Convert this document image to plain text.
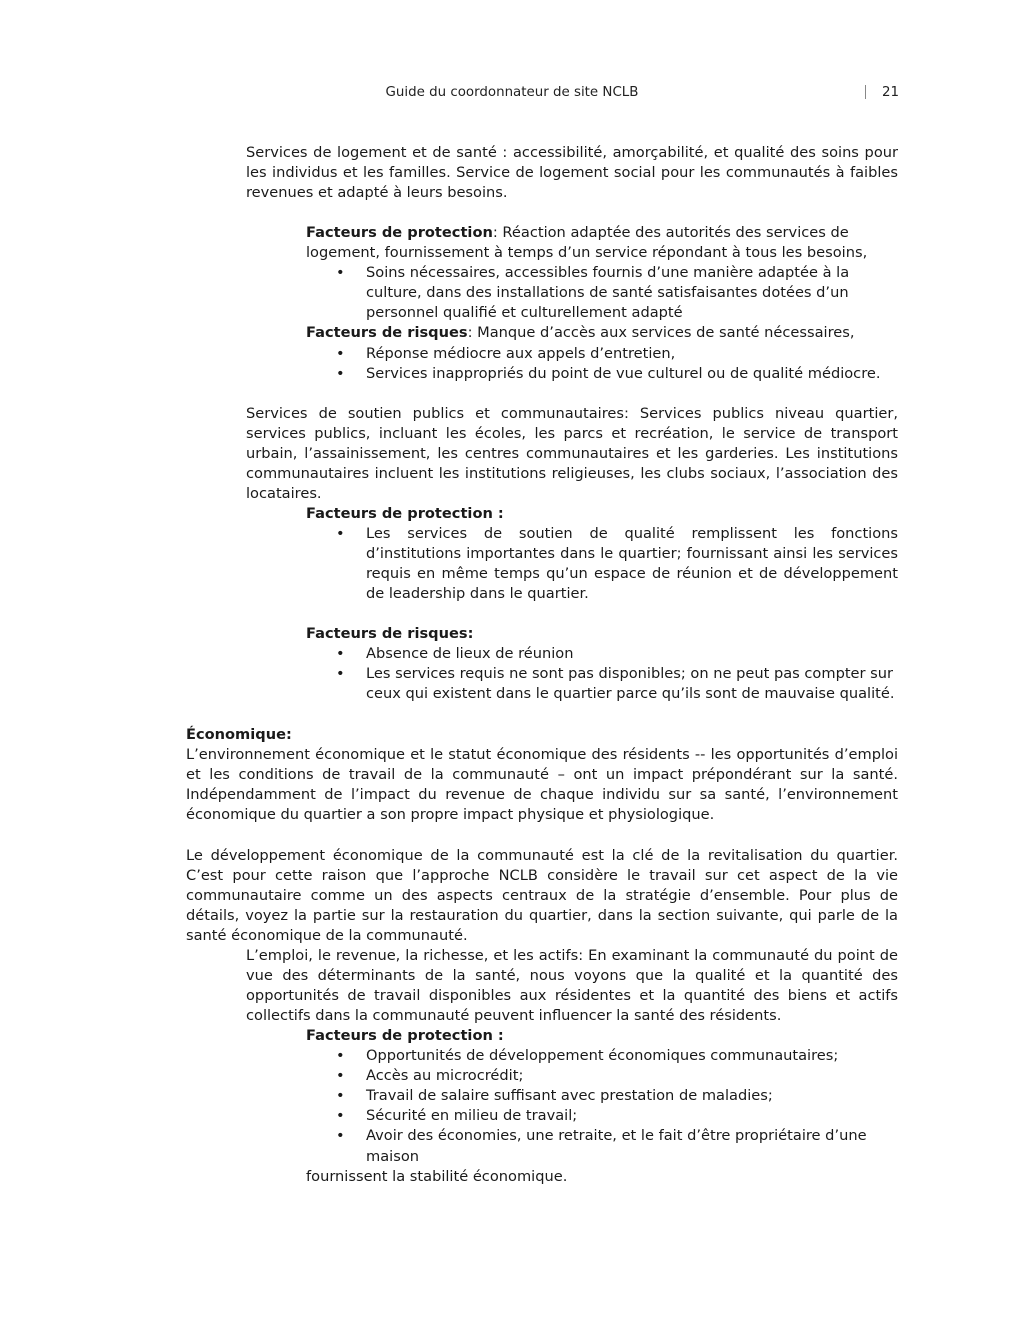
Guide du coordonnateur de site NCLB	21

Services de logement et de santé : accessibilité, amorçabilité, et qualité des soins pour les individus et les familles. Service de logement social pour les communautés à faibles revenues et adapté à leurs besoins.

Facteurs de protection: Réaction adaptée des autorités des services de logement, fournissement à temps d’un service répondant à tous les besoins,

• Soins nécessaires, accessibles fournis d’une manière adaptée à la culture, dans des installations de santé satisfaisantes dotées d’un personnel qualifié et culturellement adapté

Facteurs de risques: Manque d’accès aux services de santé nécessaires,

• Réponse médiocre aux appels d’entretien,
• Services inappropriés du point de vue culturel ou de qualité médiocre.

Services de soutien publics et communautaires: Services publics niveau quartier, services publics, incluant les écoles, les parcs et recréation, le service de transport urbain, l’assainissement, les centres communautaires et les garderies. Les institutions communautaires incluent les institutions religieuses, les clubs sociaux, l’association des locataires.

Facteurs de protection :

• Les services de soutien de qualité remplissent les fonctions d’institutions importantes dans le quartier; fournissant ainsi les services requis en même temps qu’un espace de réunion et de développement de leadership dans le quartier.

Facteurs de risques:

• Absence de lieux de réunion
• Les services requis ne sont pas disponibles; on ne peut pas compter sur ceux qui existent dans le quartier parce qu’ils sont de mauvaise qualité.

Économique:

L’environnement économique et le statut économique des résidents -- les opportunités d’emploi et les conditions de travail de la communauté – ont un impact prépondérant sur la santé. Indépendamment de l’impact du revenue de chaque individu sur sa santé, l’environnement économique du quartier a son propre impact physique et physiologique.

Le développement économique de la communauté est la clé de la revitalisation du quartier. C’est pour cette raison que l’approche NCLB considère le travail sur cet aspect de la vie communautaire comme un des aspects centraux de la stratégie d’ensemble. Pour plus de détails, voyez la partie sur la restauration du quartier, dans la section suivante, qui parle de la santé économique de la communauté.

L’emploi, le revenue, la richesse, et les actifs: En examinant la communauté du point de vue des déterminants de la santé, nous voyons que la qualité et la quantité des opportunités de travail disponibles aux résidentes et la quantité des biens et actifs collectifs dans la communauté peuvent influencer la santé des résidents.

Facteurs de protection :

• Opportunités de développement économiques communautaires;
• Accès au microcrédit;
• Travail de salaire suffisant avec prestation de maladies;
• Sécurité en milieu de travail;
• Avoir des économies, une retraite, et le fait d’être propriétaire d’une maison

fournissent la stabilité économique.
